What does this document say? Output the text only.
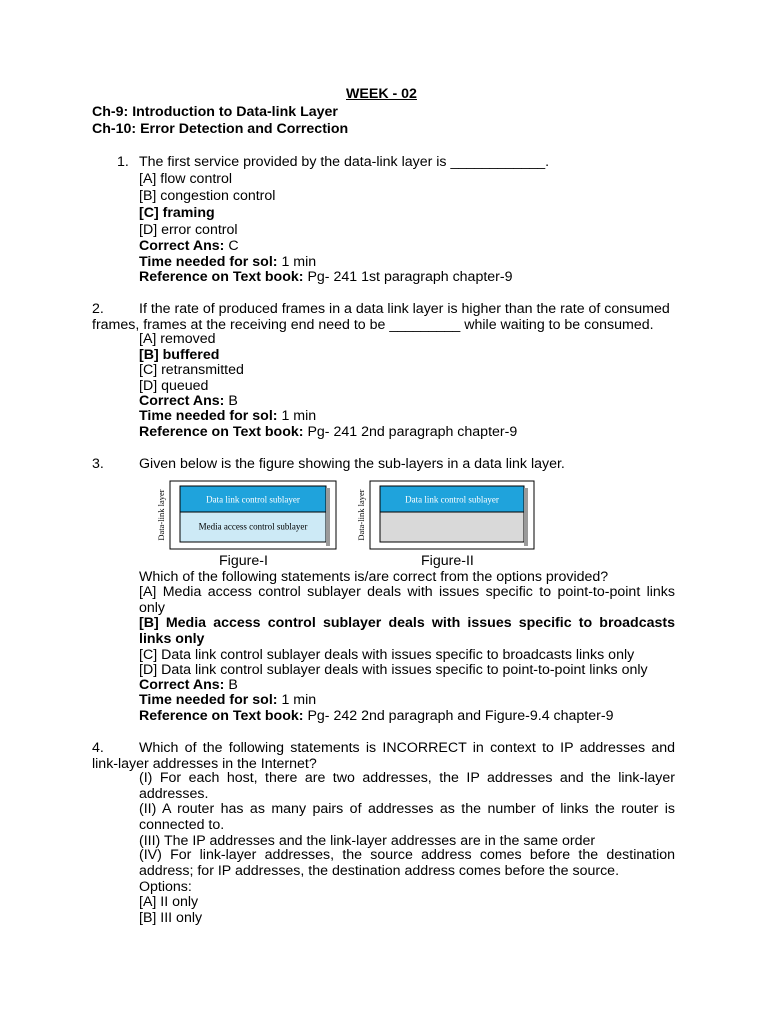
WEEK - 02
Ch-9: Introduction to Data-link Layer
Ch-10: Error Detection and Correction
1. The first service provided by the data-link layer is ____________.
[A] flow control
[B] congestion control
[C] framing
[D] error control
Correct Ans: C
Time needed for sol: 1 min
Reference on Text book: Pg- 241 1st paragraph chapter-9
2. If the rate of produced frames in a data link layer is higher than the rate of consumed
frames, frames at the receiving end need to be _________ while waiting to be consumed.
[A] removed
[B] buffered
[C] retransmitted
[D] queued
Correct Ans: B
Time needed for sol: 1 min
Reference on Text book: Pg- 241 2nd paragraph chapter-9
3. Given below is the figure showing the sub-layers in a data link layer.
Data link control sublayer
Media access control sublayer
Data-link layer	Data link control sublayer
Data-link layer
Figure-I	Figure-II
Which of the following statements is/are correct from the options provided?
[A] Media access control sublayer deals with issues specific to point-to-point links only
[B] Media access control sublayer deals with issues specific to broadcasts links only
[C] Data link control sublayer deals with issues specific to broadcasts links only
[D] Data link control sublayer deals with issues specific to point-to-point links only
Correct Ans: B
Time needed for sol: 1 min
Reference on Text book: Pg- 242 2nd paragraph and Figure-9.4 chapter-9
4. Which of the following statements is INCORRECT in context to IP addresses and link-layer addresses in the Internet?
(I) For each host, there are two addresses, the IP addresses and the link-layer addresses.
(II) A router has as many pairs of addresses as the number of links the router is connected to.
(III) The IP addresses and the link-layer addresses are in the same order
(IV) For link-layer addresses, the source address comes before the destination address; for IP addresses, the destination address comes before the source.
Options:
[A] II only
[B] III only
